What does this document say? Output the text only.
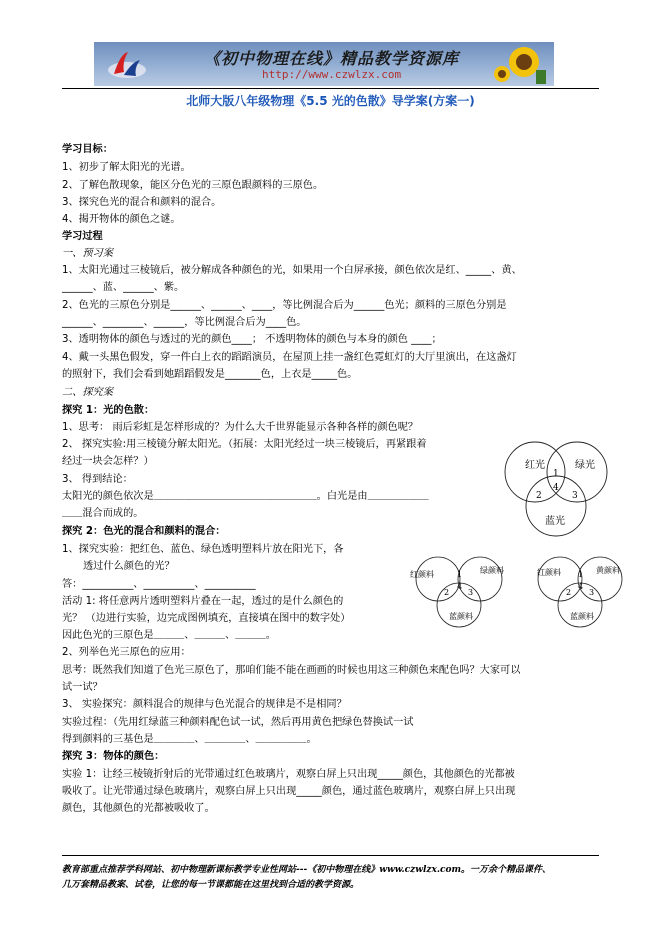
《初中物理在线》精品教学资源库
http://www.czwlzx.com
北师大版八年级物理《5.5 光的色散》导学案(方案一)
学习目标：
1、初步了解太阳光的光谱。
2、了解色散现象，能区分色光的三原色跟颜料的三原色。
3、探究色光的混合和颜料的混合。
4、揭开物体的颜色之谜。
学习过程
一、预习案
1、太阳光通过三棱镜后，被分解成各种颜色的光，如果用一个白屏承接，颜色依次是红、_____、黄、
______、蓝、______、紫。
2、色光的三原色分别是______、______、____，等比例混合后为______色光；颜料的三原色分别是
______、________、______，等比例混合后为____色。
3、透明物体的颜色与透过的光的颜色____； 不透明物体的颜色与本身的颜色 ____；
4、戴一头黑色假发，穿一件白上衣的蹈蹈演员，在屋顶上挂一盏红色霓虹灯的大厅里演出，在这盏灯
的照射下，我们会看到她蹈蹈假发是_______色，上衣是_____色。
二、探究案
探究 1：光的色散：
1、思考： 雨后彩虹是怎样形成的？为什么大千世界能显示各种各样的颜色呢？
2、 探究实验:用三棱镜分解太阳光。（拓展：太阳光经过一块三棱镜后，再紧跟着
经过一块会怎样？）
3、 得到结论：
太阳光的颜色依次是＿＿＿＿＿＿＿＿＿＿＿＿＿＿＿＿。白光是由＿＿＿＿＿＿
＿＿混合而成的。
红光	绿光
蓝光
1
2	3
4
探究 2：色光的混合和颜料的混合：
1、探究实验：把红色、蓝色、绿色透明塑料片放在阳光下，各
透过什么颜色的光？
答：__________、__________、__________
活动 1: 将任意两片透明塑料片叠在一起，透过的是什么颜色的
光？ （边进行实验，边完成图例填充，直接填在图中的数字处）
因此色光的三原色是＿＿＿、＿＿＿、＿＿＿。
2、列举色光三原色的应用：
思考：既然我们知道了色光三原色了，那咱们能不能在画画的时候也用这三种颜色来配色吗？大家可以
试一试？
3、 实验探究：颜料混合的规律与色光混合的规律是不是相同？
实验过程：（先用红绿蓝三种颜料配色试一试，然后再用黄色把绿色替换试一试
得到颜料的三基色是＿＿＿＿、＿＿＿＿、＿＿＿＿＿。
红颜料	绿颜料
蓝颜料
1
2 3
4
红颜料	黄颜料
蓝颜料
1
2 3
4
探究 3：物体的颜色：
实验 1：让经三棱镜折射后的光带通过红色玻璃片，观察白屏上只出现_____颜色，其他颜色的光都被
吸收了。让光带通过绿色玻璃片，观察白屏上只出现_____颜色，通过蓝色玻璃片，观察白屏上只出现
颜色，其他颜色的光都被吸收了。
教育部重点推荐学科网站、初中物理新课标教学专业性网站---《初中物理在线》www.czwlzx.com。一万余个精品课件、
几万套精品教案、试卷，让您的每一节课都能在这里找到合适的教学资源。
